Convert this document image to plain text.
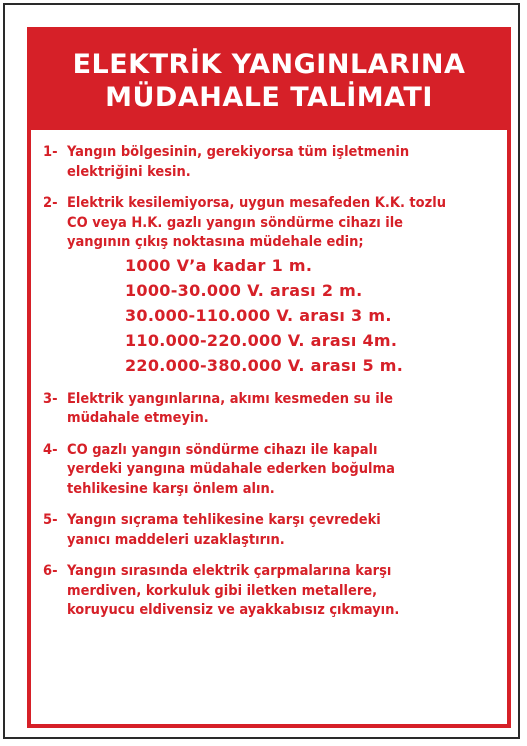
ELEKTRİK YANGINLARINA
MÜDAHALE TALİMATI
1- Yangın bölgesinin, gerekiyorsa tüm işletmenin
elektriğini kesin.
2- Elektrik kesilemiyorsa, uygun mesafeden K.K. tozlu
CO veya H.K. gazlı yangın söndürme cihazı ile
yangının çıkış noktasına müdehale edin;
1000 V’a kadar 1 m.
1000-30.000 V. arası 2 m.
30.000-110.000 V. arası 3 m.
110.000-220.000 V. arası 4m.
220.000-380.000 V. arası 5 m.
3- Elektrik yangınlarına, akımı kesmeden su ile
müdahale etmeyin.
4- CO gazlı yangın söndürme cihazı ile kapalı
yerdeki yangına müdahale ederken boğulma
tehlikesine karşı önlem alın.
5- Yangın sıçrama tehlikesine karşı çevredeki
yanıcı maddeleri uzaklaştırın.
6- Yangın sırasında elektrik çarpmalarına karşı
merdiven, korkuluk gibi iletken metallere,
koruyucu eldivensiz ve ayakkabısız çıkmayın.
